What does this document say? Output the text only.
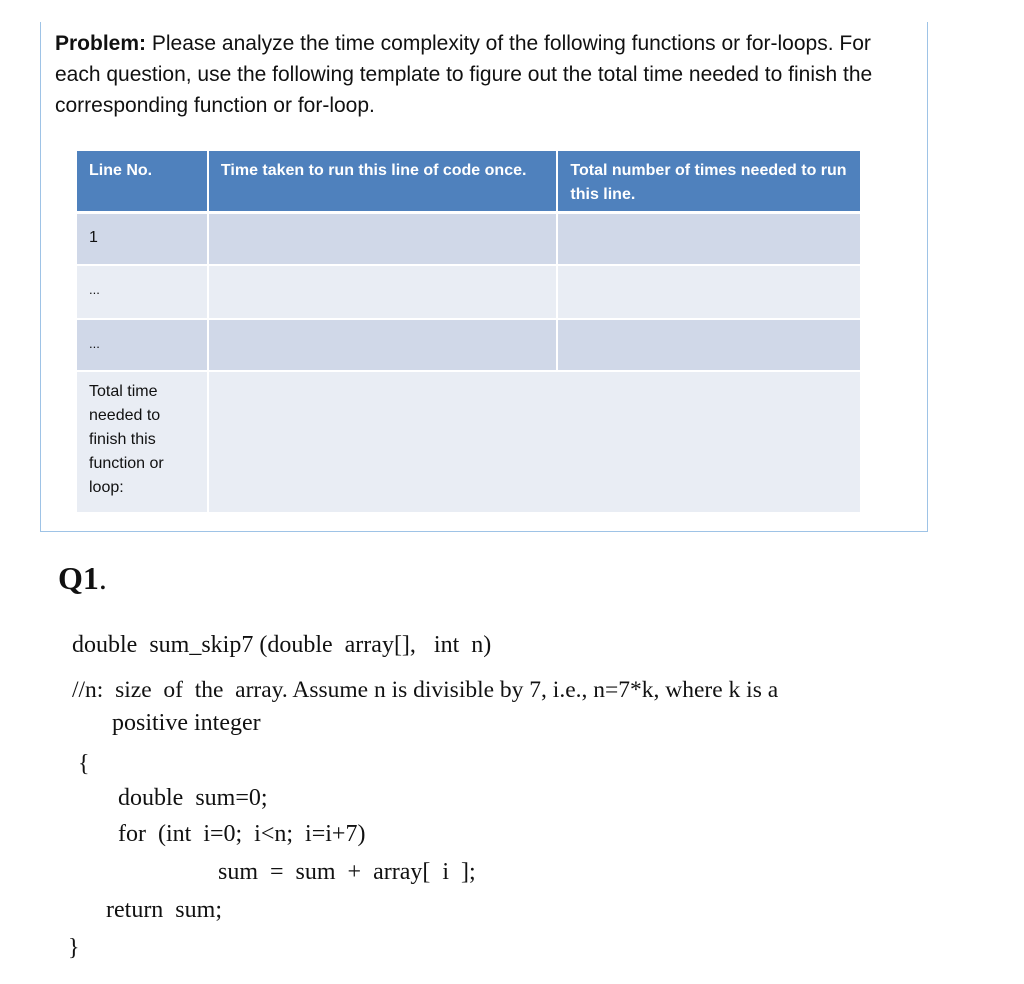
Problem: Please analyze the time complexity of the following functions or for-loops. For each question, use the following template to figure out the total time needed to finish the corresponding function or for-loop.
Line No.	Time taken to run this line of code once.	Total number of times needed to run this line.
1		
...		
...		
Total time needed to finish this function or loop:		
Q1.
double  sum_skip7 (double  array[],   int  n)
//n:  size  of  the  array. Assume n is divisible by 7, i.e., n=7*k, where k is a
positive integer
{
double  sum=0;
for  (int  i=0;  i<n;  i=i+7)
sum  =  sum  +  array[  i  ];
return  sum;
}
